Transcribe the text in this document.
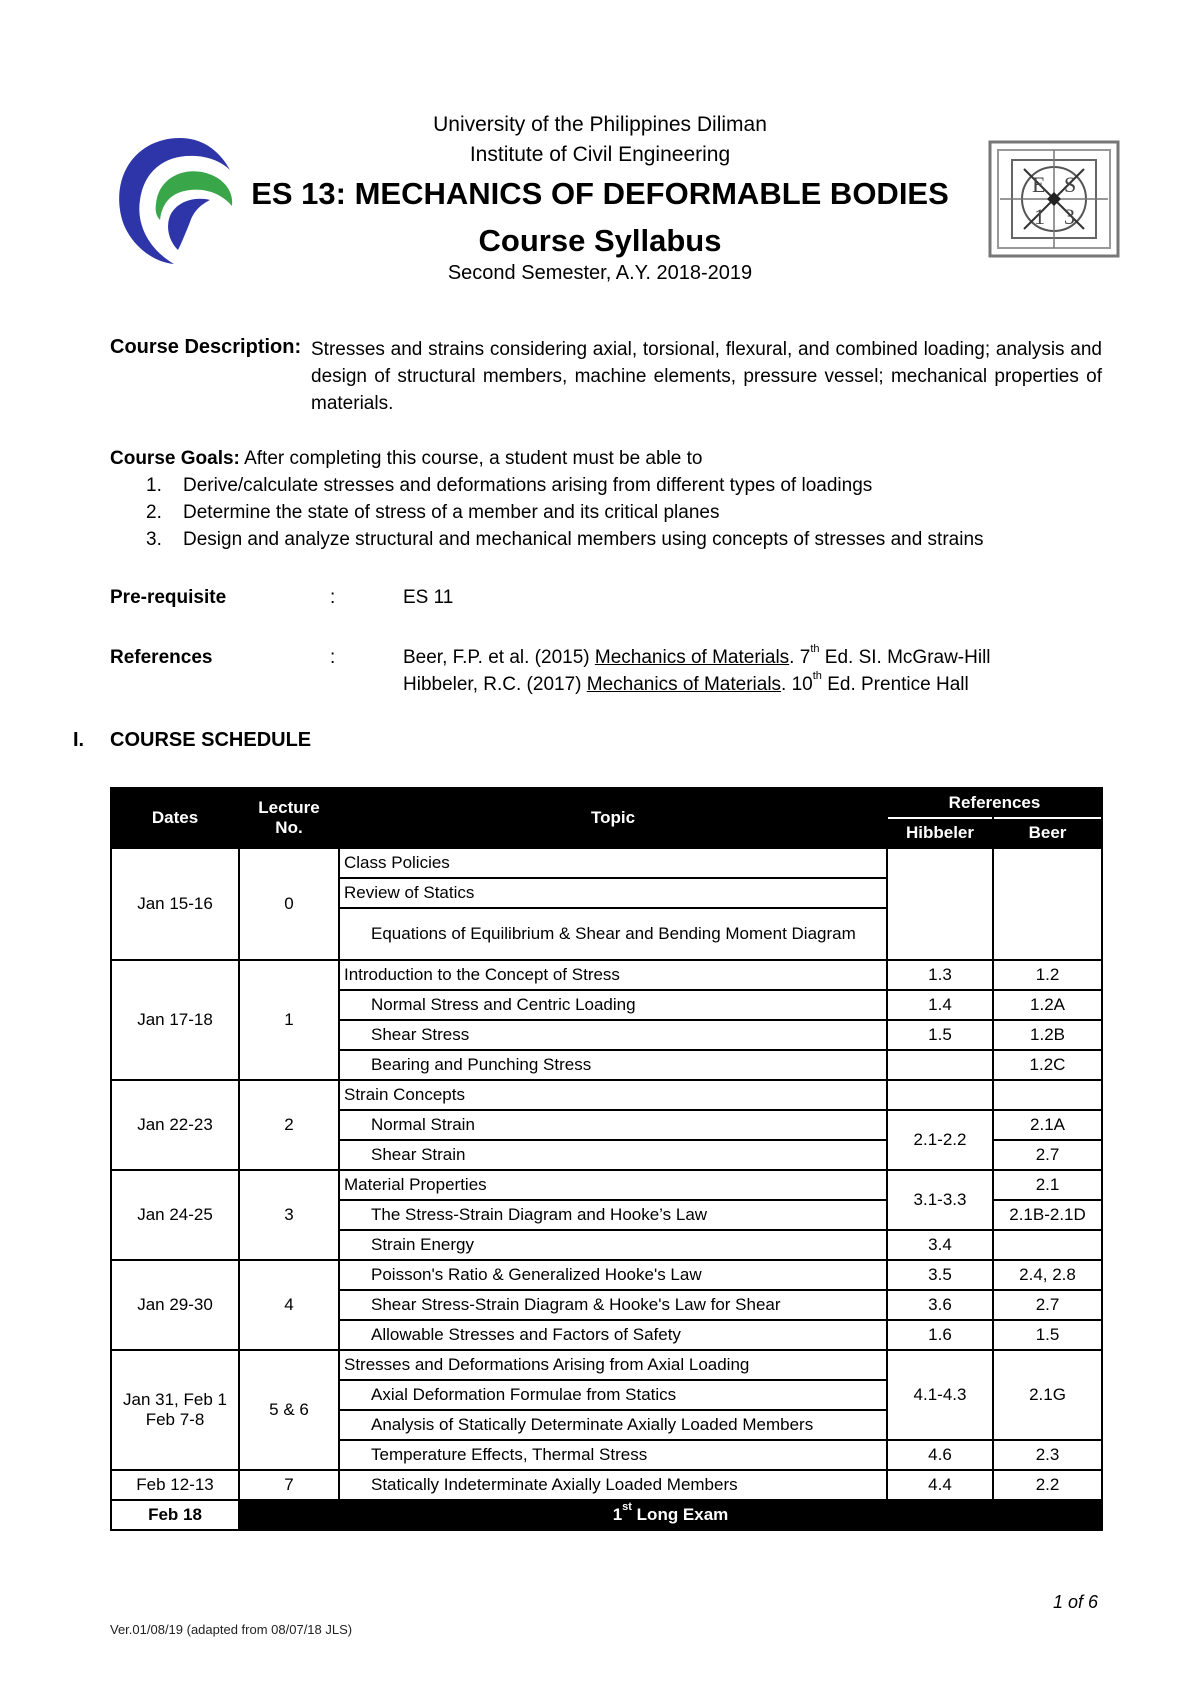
E S
1 3
University of the Philippines Diliman
Institute of Civil Engineering
ES 13: MECHANICS OF DEFORMABLE BODIES
Course Syllabus
Second Semester, A.Y. 2018-2019
Course Description: Stresses and strains considering axial, torsional, flexural, and combined loading; analysis and design of structural members, machine elements, pressure vessel; mechanical properties of materials.
Course Goals: After completing this course, a student must be able to
1. Derive/calculate stresses and deformations arising from different types of loadings
2. Determine the state of stress of a member and its critical planes
3. Design and analyze structural and mechanical members using concepts of stresses and strains
Pre-requisite	:	ES 11
References	:	Beer, F.P. et al. (2015) Mechanics of Materials. 7th Ed. SI. McGraw-Hill
Hibbeler, R.C. (2017) Mechanics of Materials. 10th Ed. Prentice Hall
I. COURSE SCHEDULE
Dates	Lecture No.	Topic	References	
			Hibbeler	Beer
Jan 15-16	0	Class Policies		
		Review of Statics		
		Equations of Equilibrium & Shear and Bending Moment Diagram		
Jan 17-18	1	Introduction to the Concept of Stress	1.3	1.2
		Normal Stress and Centric Loading	1.4	1.2A
		Shear Stress	1.5	1.2B
		Bearing and Punching Stress		1.2C
Jan 22-23	2	Strain Concepts		
		Normal Strain	2.1-2.2	2.1A
		Shear Strain		2.7
Jan 24-25	3	Material Properties	3.1-3.3	2.1
		The Stress-Strain Diagram and Hooke’s Law		2.1B-2.1D
		Strain Energy	3.4	
Jan 29-30	4	Poisson's Ratio & Generalized Hooke's Law	3.5	2.4, 2.8
		Shear Stress-Strain Diagram & Hooke's Law for Shear	3.6	2.7
		Allowable Stresses and Factors of Safety	1.6	1.5

Jan 31, Feb 1
Feb 7-8	5 & 6	Stresses and Deformations Arising from Axial Loading	4.1-4.3	2.1G
		Axial Deformation Formulae from Statics		
		Analysis of Statically Determinate Axially Loaded Members		
		Temperature Effects, Thermal Stress	4.6	2.3
Feb 12-13	7	Statically Indeterminate Axially Loaded Members	4.4	2.2
Feb 18	1st Long Exam			
1 of 6
Ver.01/08/19 (adapted from 08/07/18 JLS)
